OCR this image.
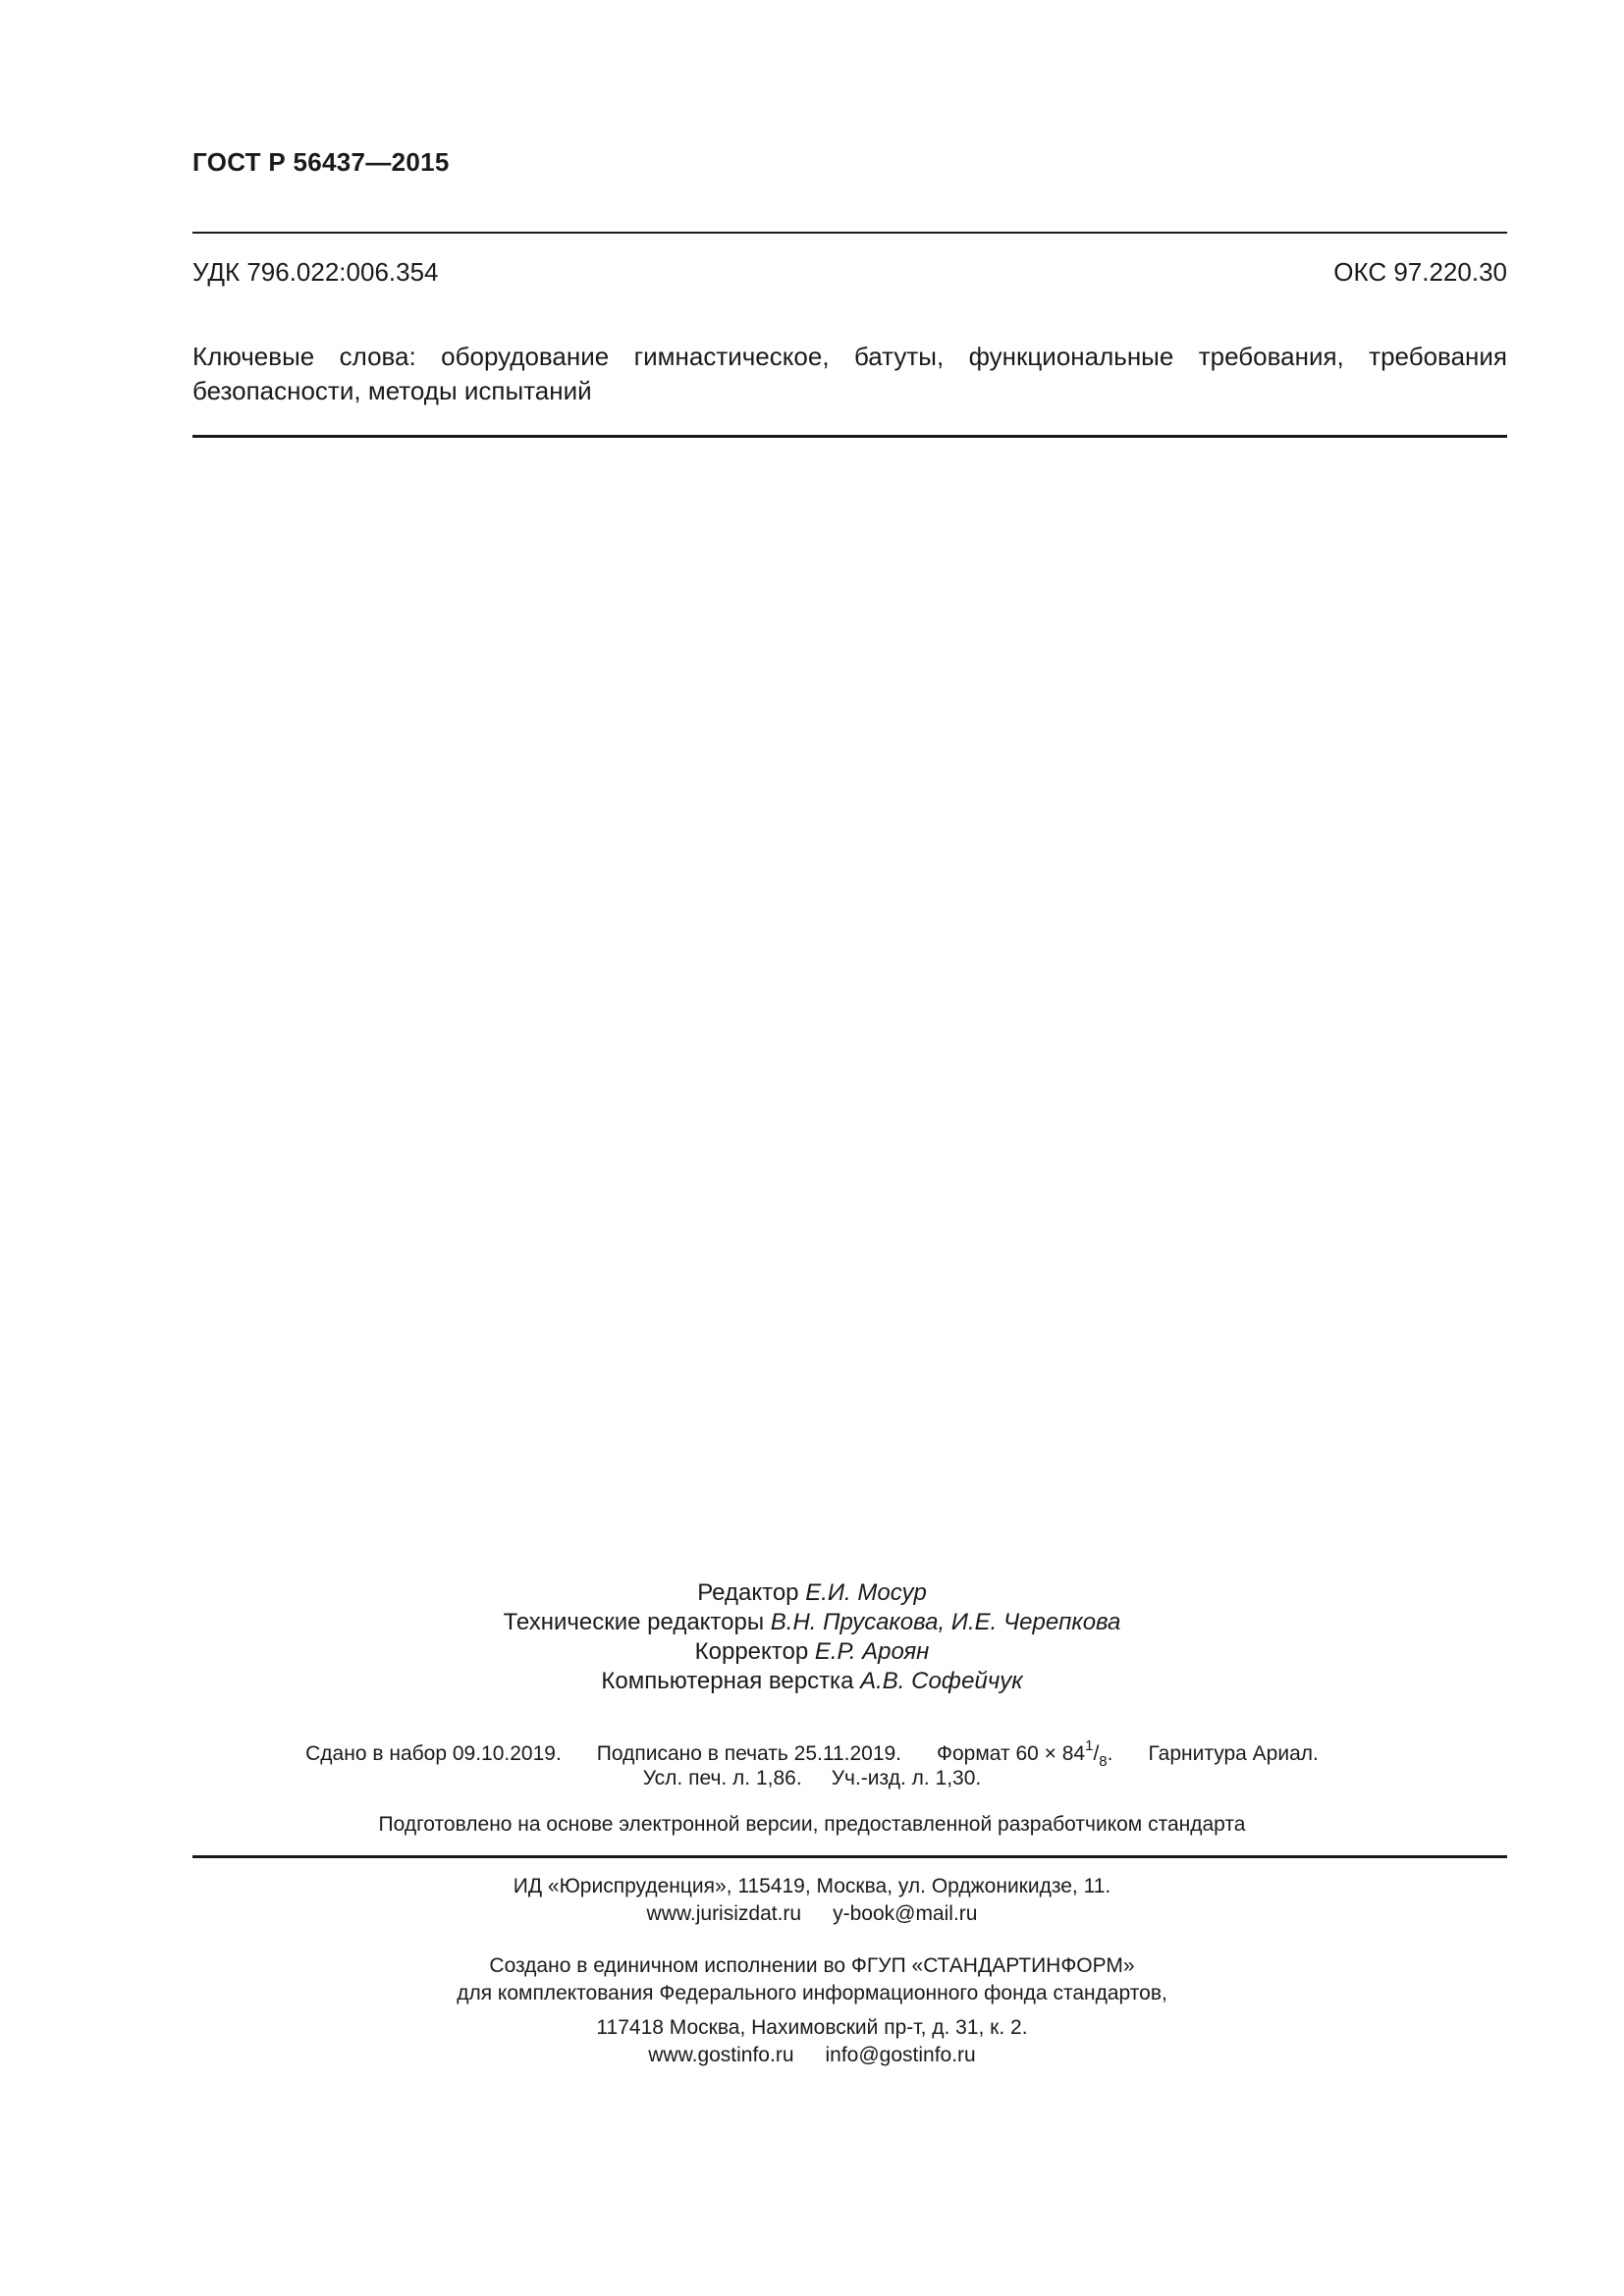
ГОСТ Р 56437—2015
УДК 796.022:006.354	ОКС 97.220.30
Ключевые слова: оборудование гимнастическое, батуты, функциональные требования, требования безопасности, методы испытаний
Редактор Е.И. Мосур
Технические редакторы В.Н. Прусакова, И.Е. Черепкова
Корректор Е.Р. Ароян
Компьютерная верстка А.В. Софейчук
Сдано в набор 09.10.2019. Подписано в печать 25.11.2019. Формат $60 \times 84^1/_8$. Гарнитура Ариал.
Усл. печ. л. 1,86. Уч.-изд. л. 1,30.
Подготовлено на основе электронной версии, предоставленной разработчиком стандарта
ИД «Юриспруденция», 115419, Москва, ул. Орджоникидзе, 11.
www.jurisizdat.ru y-book@mail.ru
Создано в единичном исполнении во ФГУП «СТАНДАРТИНФОРМ»
для комплектования Федерального информационного фонда стандартов,
117418 Москва, Нахимовский пр-т, д. 31, к. 2.
www.gostinfo.ru info@gostinfo.ru
